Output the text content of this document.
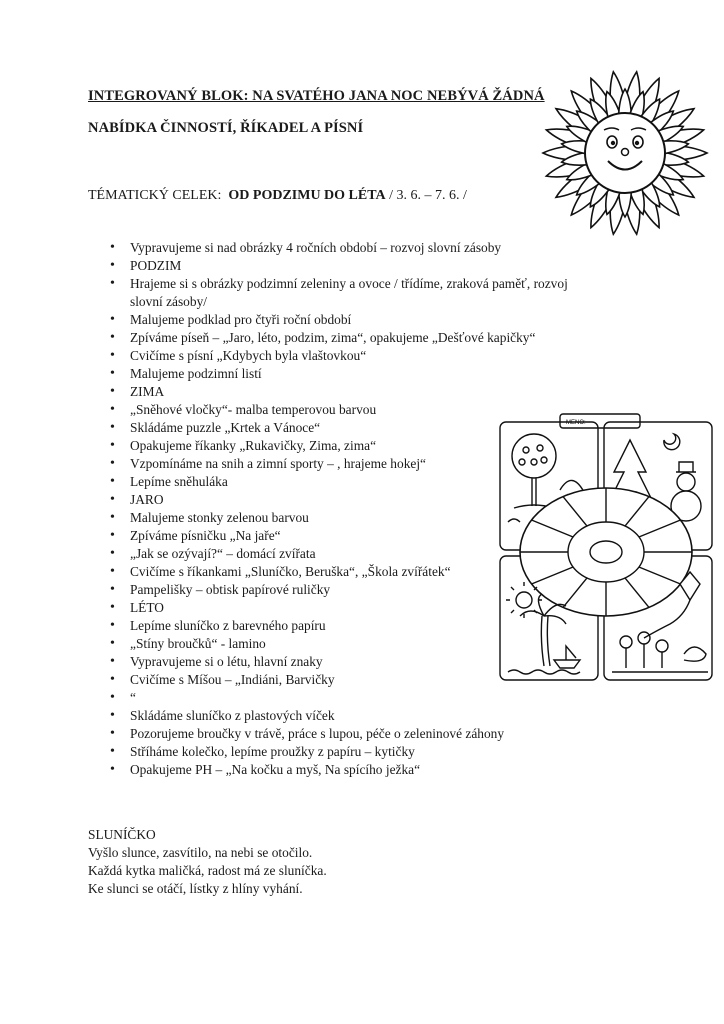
INTEGROVANÝ BLOK: NA SVATÉHO JANA NOC NEBÝVÁ ŽÁDNÁ
NABÍDKA ČINNOSTÍ, ŘÍKADEL A PÍSNÍ

TÉMATICKÝ CELEK: OD PODZIMU DO LÉTA / 3. 6. – 7. 6. /

• Vypravujeme si nad obrázky 4 ročních období – rozvoj slovní zásoby
• PODZIM
• Hrajeme si s obrázky podzimní zeleniny a ovoce / třídíme, zraková paměť, rozvoj slovní zásoby/
• Malujeme podklad pro čtyři roční období
• Zpíváme píseň – „Jaro, léto, podzim, zima“, opakujeme „Dešťové kapičky“
• Cvičíme s písní „Kdybych byla vlaštovkou“
• Malujeme podzimní listí
• ZIMA
• „Sněhové vločky“- malba temperovou barvou
• Skládáme puzzle „Krtek a Vánoce“
• Opakujeme říkanky „Rukavičky, Zima, zima“
• Vzpomínáme na snih a zimní sporty – , hrajeme hokej“
• Lepíme sněhuláka
• JARO
• Malujeme stonky zelenou barvou
• Zpíváme písničku „Na jaře“
• „Jak se ozývají?“ – domácí zvířata
• Cvičíme s říkankami „Sluníčko, Beruška“, „Škola zvířátek“
• Pampelišky – obtisk papírové ruličky
• LÉTO
• Lepíme sluníčko z barevného papíru
• „Stíny broučků“ - lamino
• Vypravujeme si o létu, hlavní znaky
• Cvičíme s Míšou – „Indiáni, Barvičky
• “
• Skládáme sluníčko z plastových víček
• Pozorujeme broučky v trávě, práce s lupou, péče o zeleninové záhony
• Stříháme kolečko, lepíme proužky z papíru – kytičky
• Opakujeme PH – „Na kočku a myš, Na spícího ježka“
MENO:
SLUNÍČKO
Vyšlo slunce, zasvítilo, na nebi se otočilo.
Každá kytka maličká, radost má ze sluníčka.
Ke slunci se otáčí, lístky z hlíny vyhání.
